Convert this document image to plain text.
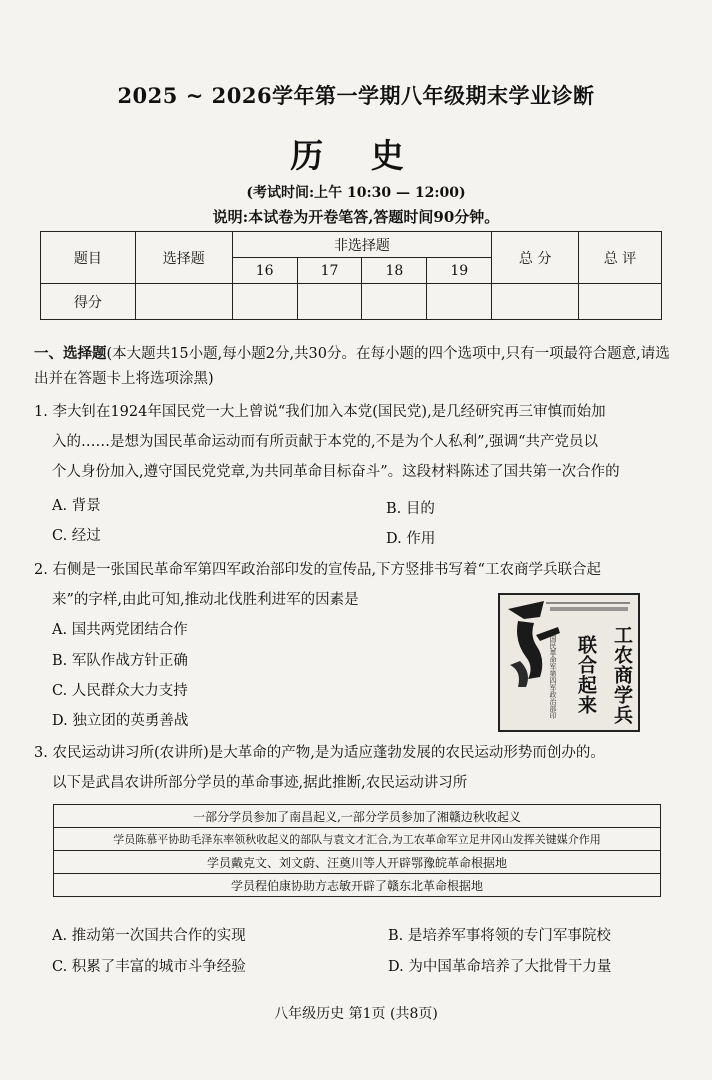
2025 ~ 2026学年第一学期八年级期末学业诊断
历 史
(考试时间:上午 10:30 — 12:00)
说明:本试卷为开卷笔答,答题时间90分钟。
题目	选择题	非选择题				总 分	总 评
		16	17	18	19		
得分							
一、选择题(本大题共15小题,每小题2分,共30分。在每小题的四个选项中,只有一项最符合题意,请选出并在答题卡上将选项涂黑)

1. 李大钊在1924年国民党一大上曾说“我们加入本党(国民党),是几经研究再三审慎而始加

入的……是想为国民革命运动而有所贡献于本党的,不是为个人私利”,强调“共产党员以

个人身份加入,遵守国民党党章,为共同革命目标奋斗”。这段材料陈述了国共第一次合作的

A. 背景	B. 目的
C. 经过	D. 作用

2. 右侧是一张国民革命军第四军政治部印发的宣传品,下方竖排书写着“工农商学兵联合起

来”的字样,由此可知,推动北伐胜利进军的因素是

A. 国共两党团结合作
B. 军队作战方针正确
C. 人民群众大力支持
D. 独立团的英勇善战
国民革命军第四军政治部印	工农商学兵
联合起来

3. 农民运动讲习所(农讲所)是大革命的产物,是为适应蓬勃发展的农民运动形势而创办的。

以下是武昌农讲所部分学员的革命事迹,据此推断,农民运动讲习所

一部分学员参加了南昌起义,一部分学员参加了湘赣边秋收起义
学员陈慕平协助毛泽东率领秋收起义的部队与袁文才汇合,为工农革命军立足井冈山发挥关键媒介作用
学员戴克文、刘文蔚、汪奠川等人开辟鄂豫皖革命根据地
学员程伯康协助方志敏开辟了赣东北革命根据地
A. 推动第一次国共合作的实现	B. 是培养军事将领的专门军事院校
C. 积累了丰富的城市斗争经验	D. 为中国革命培养了大批骨干力量
八年级历史 第1页 (共8页)
